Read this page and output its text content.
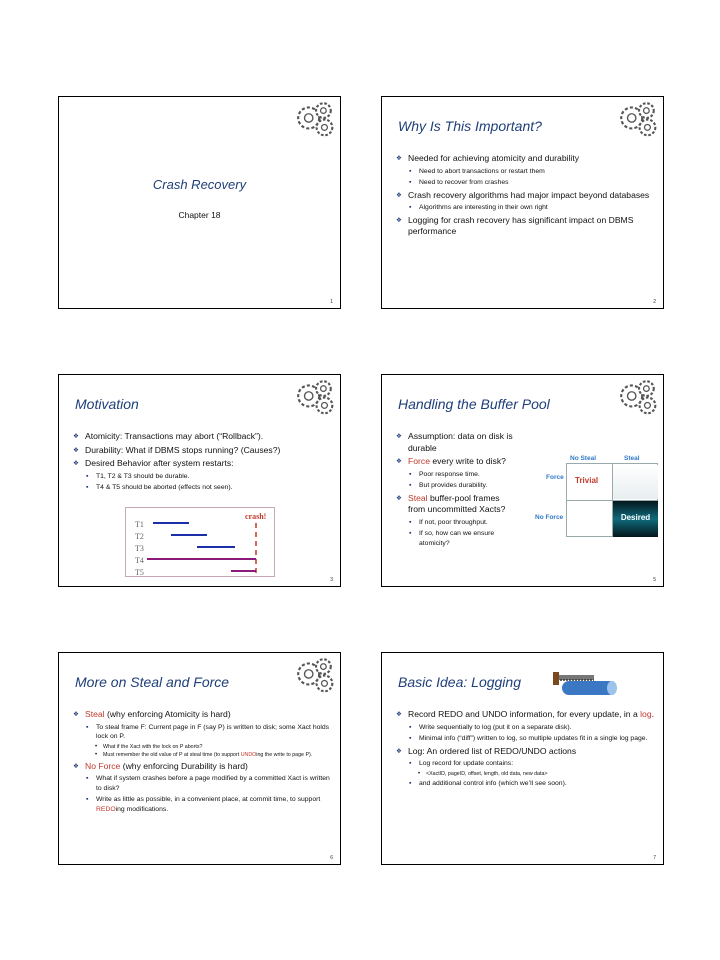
Crash Recovery
Chapter 18
1
Why Is This Important?
❖ Needed for achieving atomicity and durability
▪ Need to abort transactions or restart them
▪ Need to recover from crashes
❖ Crash recovery algorithms had major impact beyond databases
▪ Algorithms are interesting in their own right
❖ Logging for crash recovery has significant impact on DBMS performance
2
Motivation
❖ Atomicity: Transactions may abort (“Rollback”).
❖ Durability: What if DBMS stops running? (Causes?)
❖ Desired Behavior after system restarts:
▪ T1, T2 & T3 should be durable.
▪ T4 & T5 should be aborted (effects not seen).
crash!
T1
T2
T3
T4
T5
3
Handling the Buffer Pool
❖ Assumption: data on disk is durable
❖ Force every write to disk?
▪ Poor response time.
▪ But provides durability.
❖ Steal buffer-pool frames from uncommitted Xacts?
▪ If not, poor throughput.
▪ If so, how can we ensure atomicity?
No Steal	Steal
Force
No Force
Trivial
Desired
5
More on Steal and Force
❖ Steal (why enforcing Atomicity is hard)
▪ To steal frame F: Current page in F (say P) is written to disk; some Xact holds lock on P.
• What if the Xact with the lock on P aborts?
• Must remember the old value of P at steal time (to support UNDOing the write to page P).
❖ No Force (why enforcing Durability is hard)
▪ What if system crashes before a page modified by a committed Xact is written to disk?
▪ Write as little as possible, in a convenient place, at commit time, to support REDOing modifications.
6
Basic Idea: Logging
❖ Record REDO and UNDO information, for every update, in a log.
▪ Write sequentially to log (put it on a separate disk).
▪ Minimal info (“diff”) written to log, so multiple updates fit in a single log page.
❖ Log: An ordered list of REDO/UNDO actions
▪ Log record for update contains:
• <XactID, pageID, offset, length, old data, new data>
▪ and additional control info (which we’ll see soon).
7
